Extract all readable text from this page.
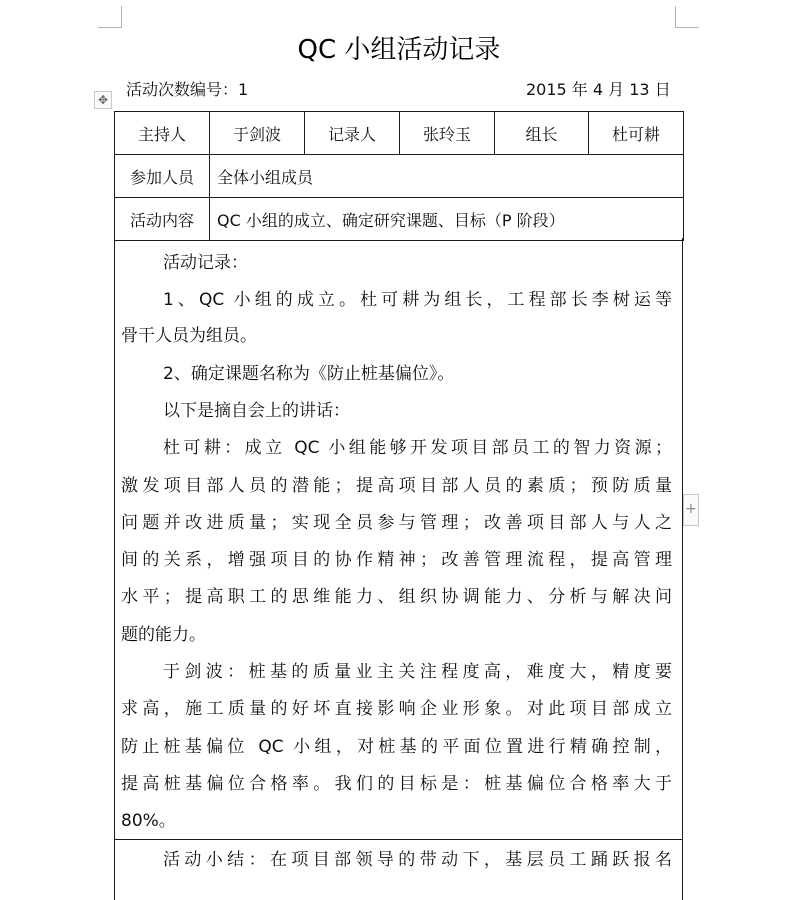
QC 小组活动记录
活动次数编号：1	2015 年 4 月 13 日
✥
主持人	于剑波	记录人	张玲玉	组长	杜可耕
参加人员	全体小组成员				
活动内容	QC 小组的成立、确定研究课题、目标（P 阶段）				
+
活动记录：
1、QC 小组的成立。杜可耕为组长，工程部长李树运等
骨干人员为组员。
2、确定课题名称为《防止桩基偏位》。
以下是摘自会上的讲话：
杜可耕：成立 QC 小组能够开发项目部员工的智力资源；
激发项目部人员的潜能；提高项目部人员的素质；预防质量
问题并改进质量；实现全员参与管理；改善项目部人与人之
间的关系，增强项目的协作精神；改善管理流程，提高管理
水平；提高职工的思维能力、组织协调能力、分析与解决问
题的能力。
于剑波：桩基的质量业主关注程度高，难度大，精度要
求高，施工质量的好坏直接影响企业形象。对此项目部成立
防止桩基偏位 QC 小组，对桩基的平面位置进行精确控制，
提高桩基偏位合格率。我们的目标是：桩基偏位合格率大于
80%。
活动小结：在项目部领导的带动下，基层员工踊跃报名
